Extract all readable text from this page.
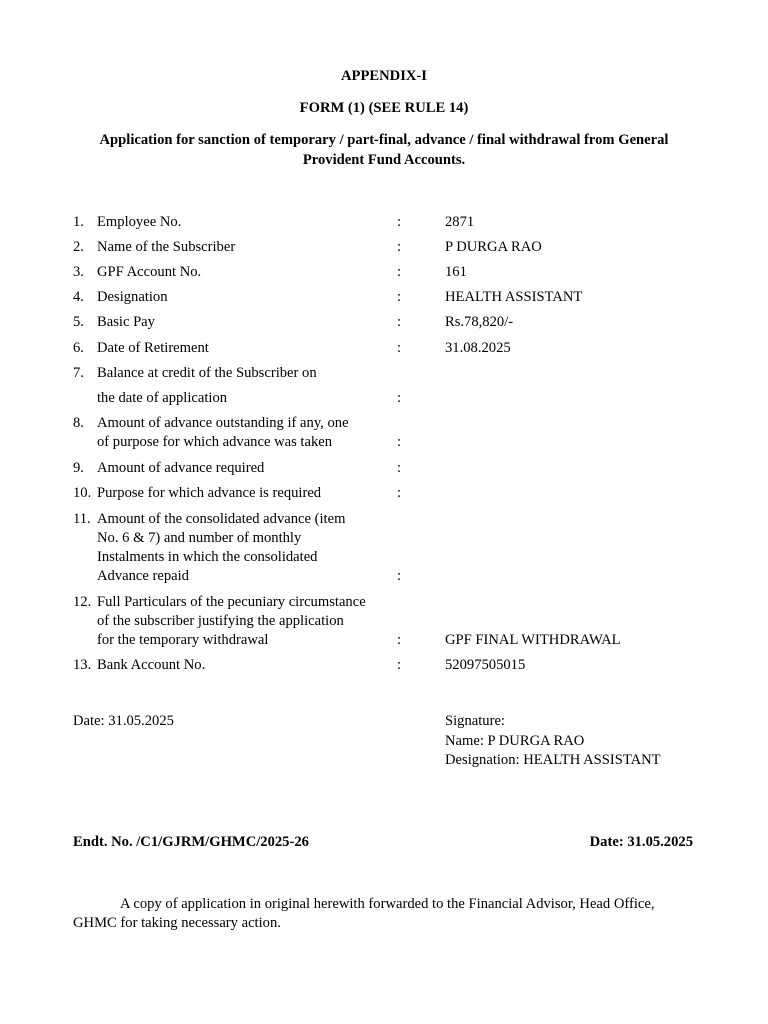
APPENDIX-I
FORM (1) (SEE RULE 14)
Application for sanction of temporary / part-final, advance / final withdrawal from General
Provident Fund Accounts.
1. Employee No.	:	2871
2. Name of the Subscriber	:	P DURGA RAO
3. GPF Account No.	:	161
4. Designation	:	HEALTH ASSISTANT
5. Basic Pay	:	Rs.78,820/-
6. Date of Retirement	:	31.08.2025
7. Balance at credit of the Subscriber on
the date of application	:
8. Amount of advance outstanding if any, one
of purpose for which advance was taken	:
9. Amount of advance required	:
10. Purpose for which advance is required	:
11. Amount of the consolidated advance (item
No. 6 & 7) and number of monthly
Instalments in which the consolidated
Advance repaid	:
12. Full Particulars of the pecuniary circumstance
of the subscriber justifying the application
for the temporary withdrawal	:	GPF FINAL WITHDRAWAL
13. Bank Account No.	:	52097505015
Date: 31.05.2025	Signature:
Name: P DURGA RAO
Designation: HEALTH ASSISTANT
Endt. No. /C1/GJRM/GHMC/2025-26	Date: 31.05.2025
A copy of application in original herewith forwarded to the Financial Advisor, Head Office, GHMC for taking necessary action.
